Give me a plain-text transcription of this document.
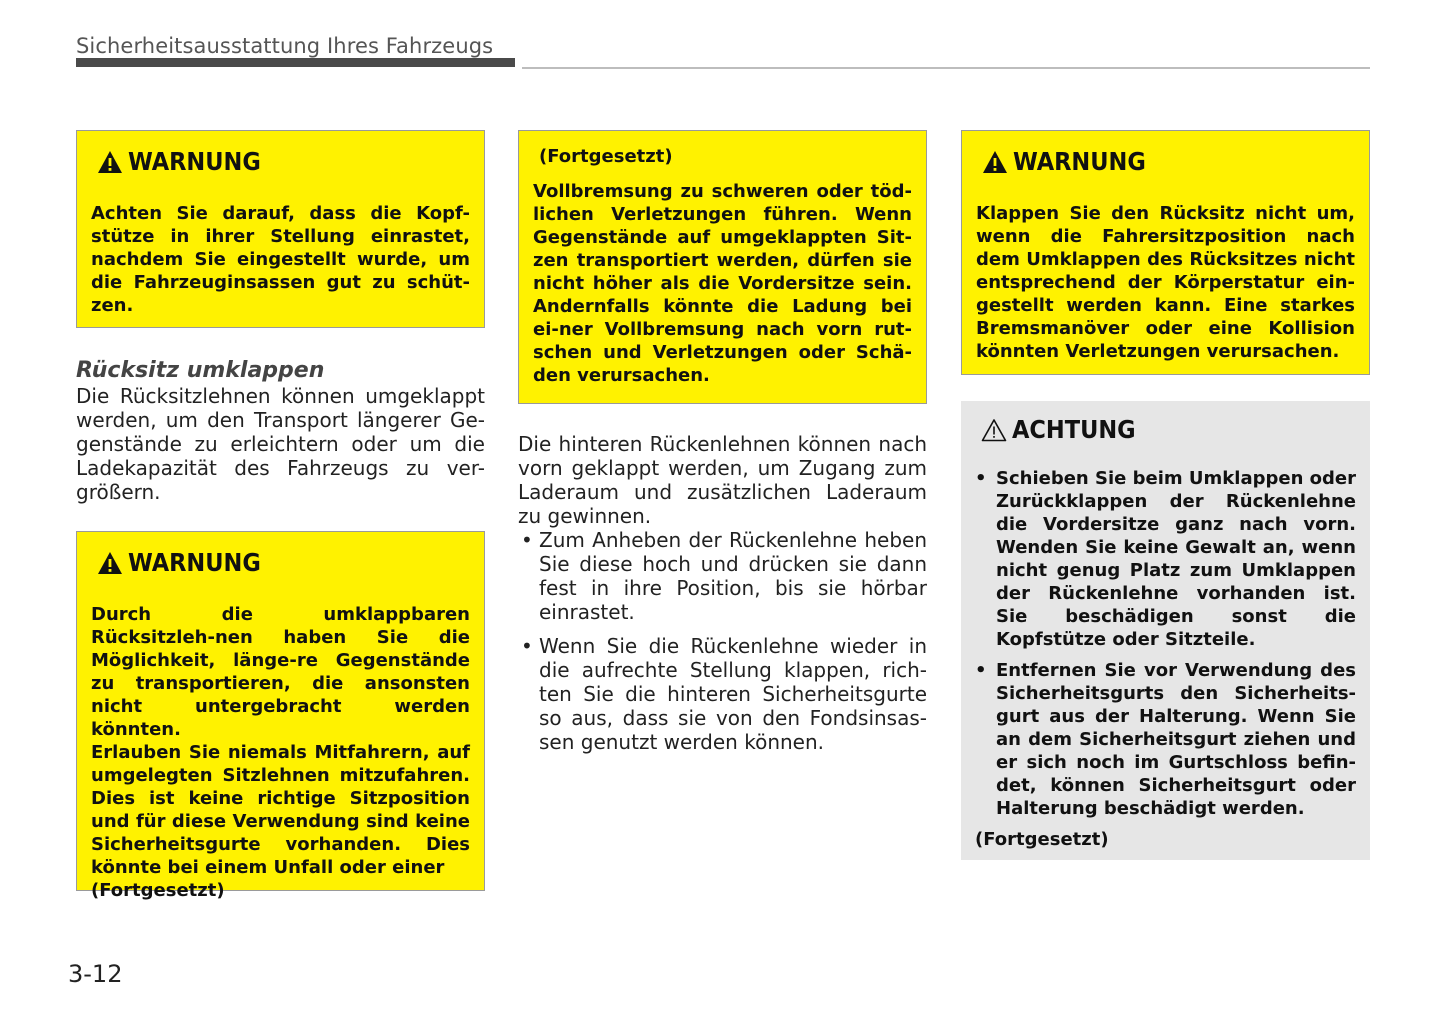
Sicherheitsausstattung Ihres Fahrzeugs
WARNUNG

Achten Sie darauf, dass die Kopf-stütze in ihrer Stellung einrastet, nachdem Sie eingestellt wurde, um die Fahrzeuginsassen gut zu schüt-zen.

Rücksitz umklappen

Die Rücksitzlehnen können umgeklappt werden, um den Transport längerer Ge-genstände zu erleichtern oder um die Ladekapazität des Fahrzeugs zu ver-größern.

WARNUNG

Durch die umklappbaren Rücksitzleh-nen haben Sie die Möglichkeit, länge-re Gegenstände zu transportieren, die ansonsten nicht untergebracht werden könnten.

Erlauben Sie niemals Mitfahrern, auf umgelegten Sitzlehnen mitzufahren. Dies ist keine richtige Sitzposition und für diese Verwendung sind keine Sicherheitsgurte vorhanden. Dies könnte bei einem Unfall oder einer

(Fortgesetzt)

(Fortgesetzt)

Vollbremsung zu schweren oder töd-lichen Verletzungen führen. Wenn Gegenstände auf umgeklappten Sit-zen transportiert werden, dürfen sie nicht höher als die Vordersitze sein. Andernfalls könnte die Ladung bei ei-ner Vollbremsung nach vorn rut-schen und Verletzungen oder Schä-den verursachen.

Die hinteren Rückenlehnen können nach vorn geklappt werden, um Zugang zum Laderaum und zusätzlichen Laderaum zu gewinnen.

• Zum Anheben der Rückenlehne heben Sie diese hoch und drücken sie dann fest in ihre Position, bis sie hörbar einrastet.
• Wenn Sie die Rückenlehne wieder in die aufrechte Stellung klappen, rich-ten Sie die hinteren Sicherheitsgurte so aus, dass sie von den Fondsinsas-sen genutzt werden können.
WARNUNG

Klappen Sie den Rücksitz nicht um, wenn die Fahrersitzposition nach dem Umklappen des Rücksitzes nicht entsprechend der Körperstatur ein-gestellt werden kann. Eine starkes Bremsmanöver oder eine Kollision könnten Verletzungen verursachen.

ACHTUNG
• Schieben Sie beim Umklappen oder Zurückklappen der Rückenlehne die Vordersitze ganz nach vorn. Wenden Sie keine Gewalt an, wenn nicht genug Platz zum Umklappen der Rückenlehne vorhanden ist. Sie beschädigen sonst die Kopfstütze oder Sitzteile.
• Entfernen Sie vor Verwendung des Sicherheitsgurts den Sicherheits-gurt aus der Halterung. Wenn Sie an dem Sicherheitsgurt ziehen und er sich noch im Gurtschloss befin-det, können Sicherheitsgurt oder Halterung beschädigt werden.

(Fortgesetzt)

3-12
